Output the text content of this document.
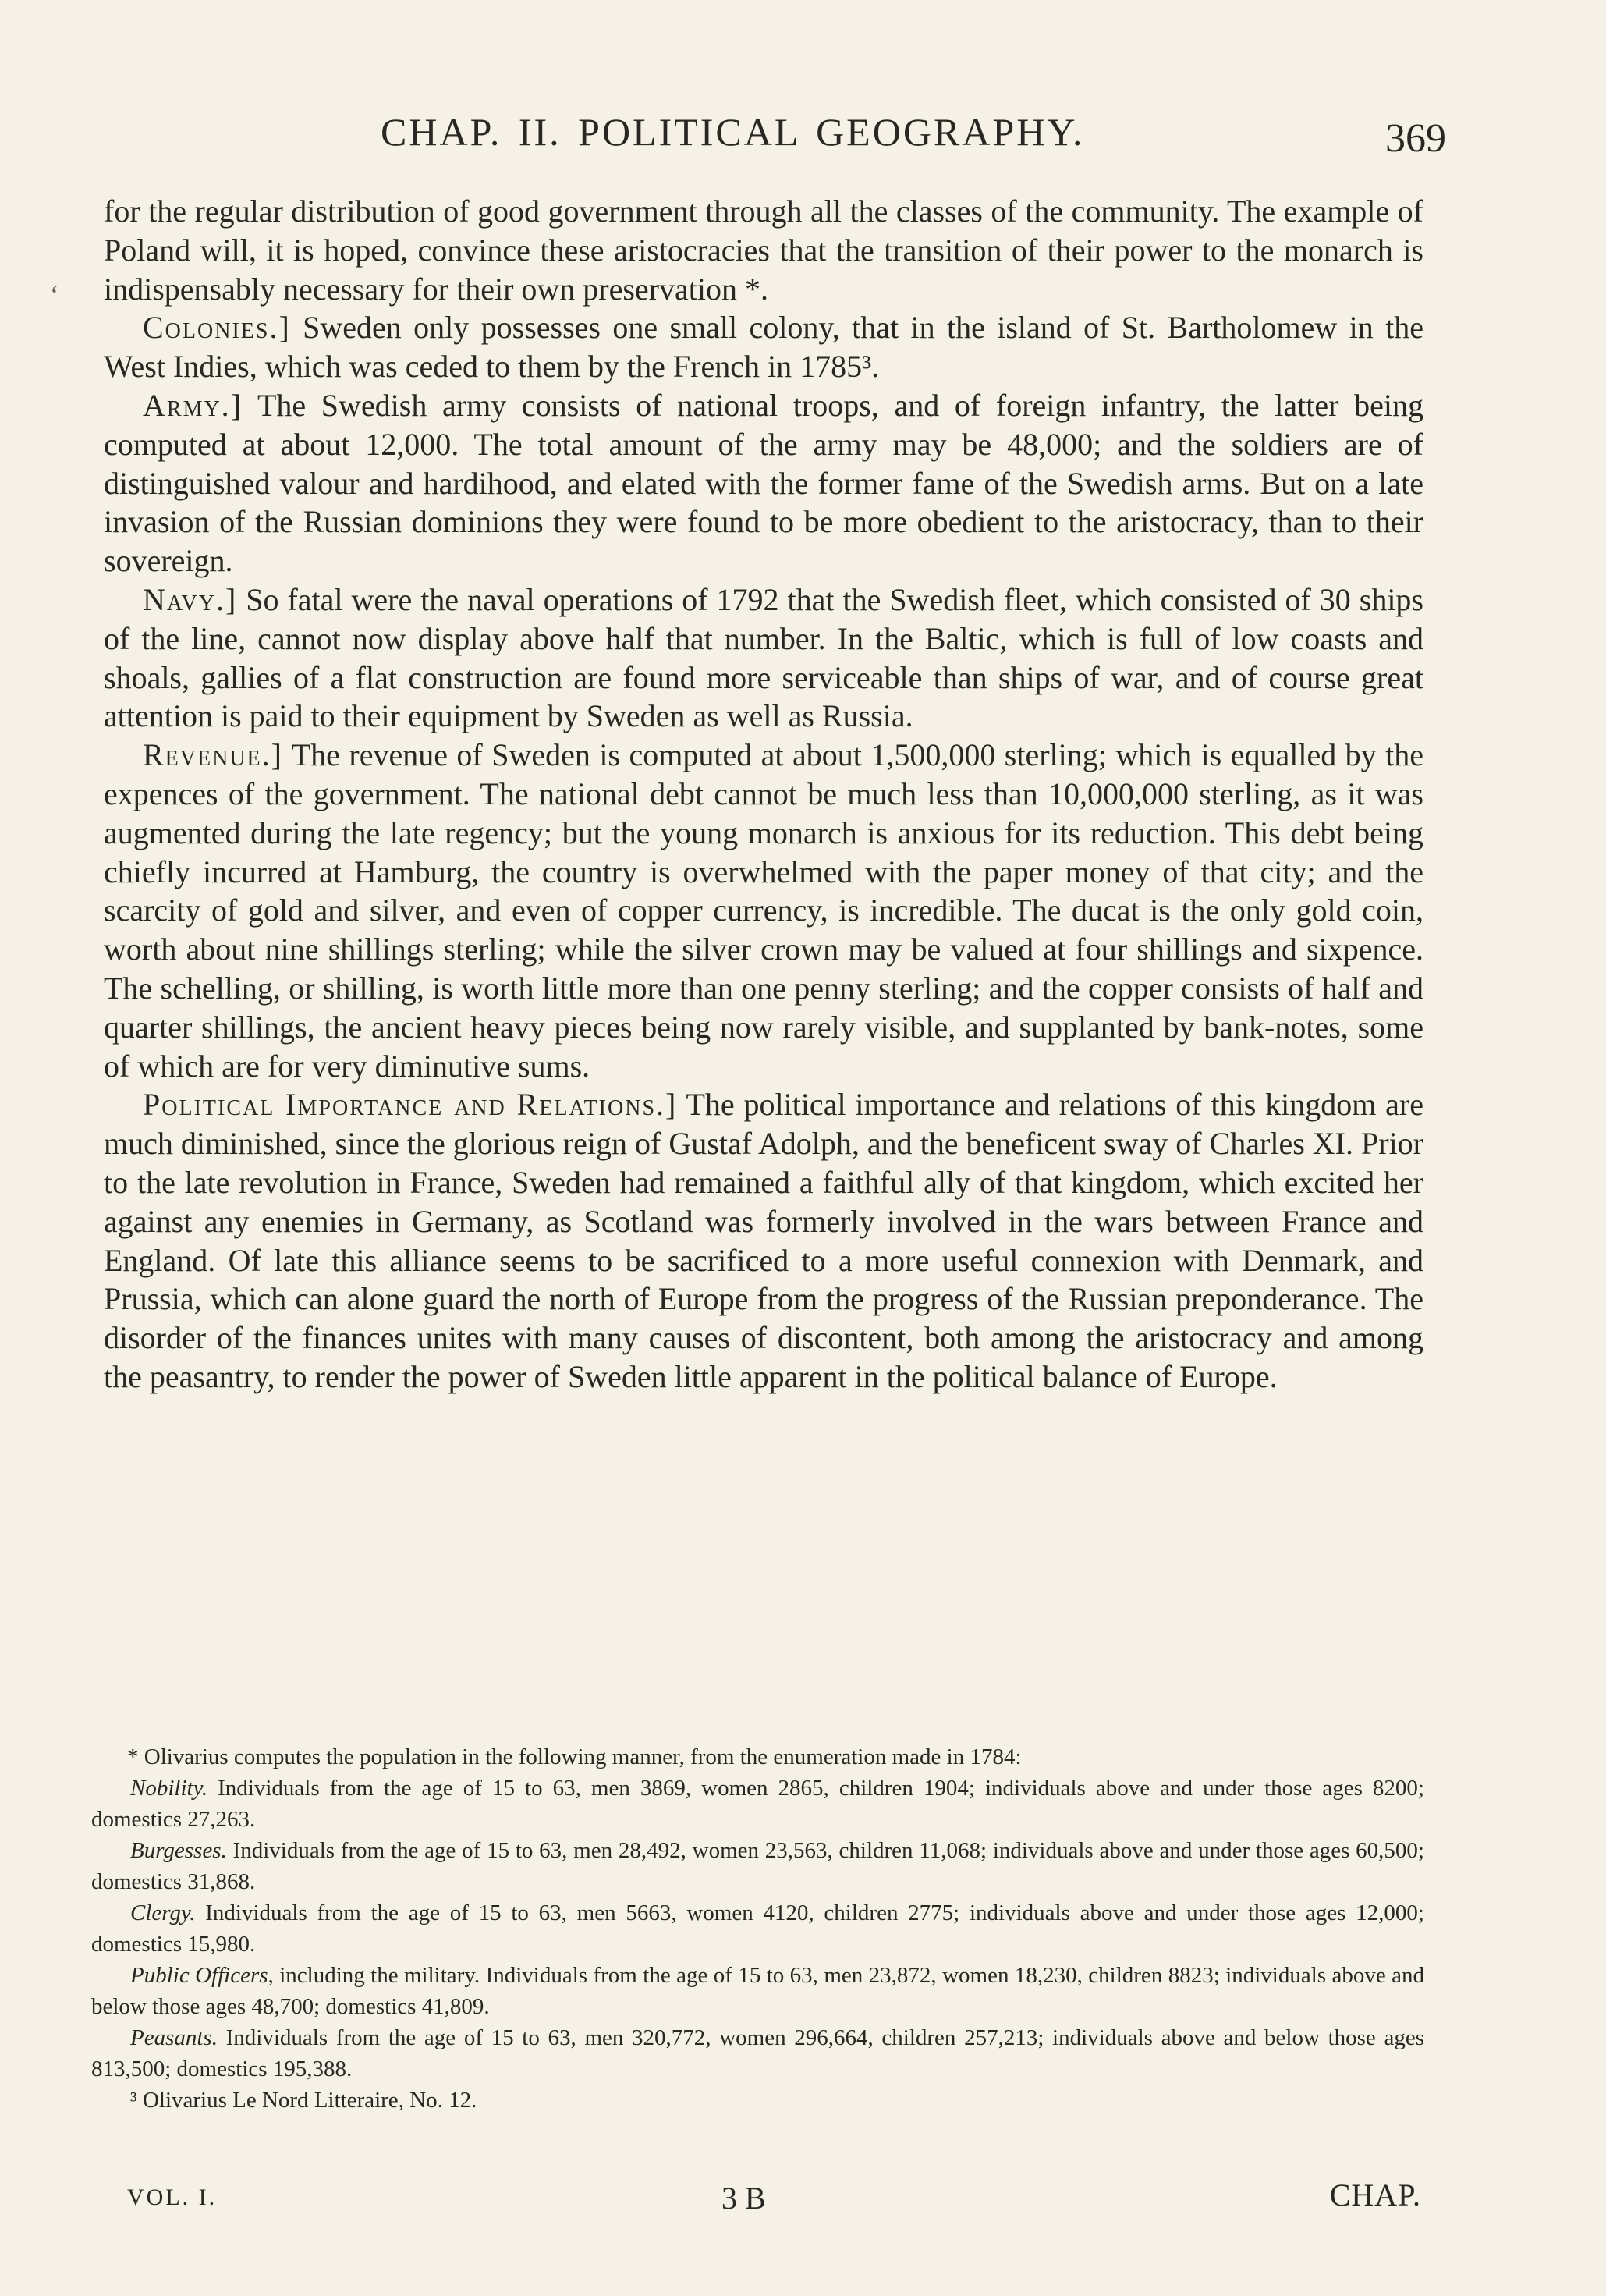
CHAP. II. POLITICAL GEOGRAPHY.	369
‘

for the regular distribution of good government through all the classes of the community. The example of Poland will, it is hoped, convince these aristocracies that the transition of their power to the monarch is indispensably necessary for their own preservation *.

Colonies.] Sweden only possesses one small colony, that in the island of St. Bartholomew in the West Indies, which was ceded to them by the French in 1785³.

Army.] The Swedish army consists of national troops, and of foreign infantry, the latter being computed at about 12,000. The total amount of the army may be 48,000; and the soldiers are of distinguished valour and hardihood, and elated with the former fame of the Swedish arms. But on a late invasion of the Russian dominions they were found to be more obedient to the aristocracy, than to their sovereign.

Navy.] So fatal were the naval operations of 1792 that the Swedish fleet, which consisted of 30 ships of the line, cannot now display above half that number. In the Baltic, which is full of low coasts and shoals, gallies of a flat construction are found more serviceable than ships of war, and of course great attention is paid to their equipment by Sweden as well as Russia.

Revenue.] The revenue of Sweden is computed at about 1,500,000 sterling; which is equalled by the expences of the government. The national debt cannot be much less than 10,000,000 sterling, as it was augmented during the late regency; but the young monarch is anxious for its reduction. This debt being chiefly incurred at Hamburg, the country is overwhelmed with the paper money of that city; and the scarcity of gold and silver, and even of copper currency, is incredible. The ducat is the only gold coin, worth about nine shillings sterling; while the silver crown may be valued at four shillings and sixpence. The schelling, or shilling, is worth little more than one penny sterling; and the copper consists of half and quarter shillings, the ancient heavy pieces being now rarely visible, and supplanted by bank-notes, some of which are for very diminutive sums.

Political Importance and Relations.] The political importance and relations of this kingdom are much diminished, since the glorious reign of Gustaf Adolph, and the beneficent sway of Charles XI. Prior to the late revolution in France, Sweden had remained a faithful ally of that kingdom, which excited her against any enemies in Germany, as Scotland was formerly involved in the wars between France and England. Of late this alliance seems to be sacrificed to a more useful connexion with Denmark, and Prussia, which can alone guard the north of Europe from the progress of the Russian preponderance. The disorder of the finances unites with many causes of discontent, both among the aristocracy and among the peasantry, to render the power of Sweden little apparent in the political balance of Europe.

* Olivarius computes the population in the following manner, from the enumeration made in 1784:

Nobility. Individuals from the age of 15 to 63, men 3869, women 2865, children 1904; individuals above and under those ages 8200; domestics 27,263.

Burgesses. Individuals from the age of 15 to 63, men 28,492, women 23,563, children 11,068; individuals above and under those ages 60,500; domestics 31,868.

Clergy. Individuals from the age of 15 to 63, men 5663, women 4120, children 2775; individuals above and under those ages 12,000; domestics 15,980.

Public Officers, including the military. Individuals from the age of 15 to 63, men 23,872, women 18,230, children 8823; individuals above and below those ages 48,700; domestics 41,809.

Peasants. Individuals from the age of 15 to 63, men 320,772, women 296,664, children 257,213; individuals above and below those ages 813,500; domestics 195,388.

³ Olivarius Le Nord Litteraire, No. 12.

VOL. I.	3 B	CHAP.
